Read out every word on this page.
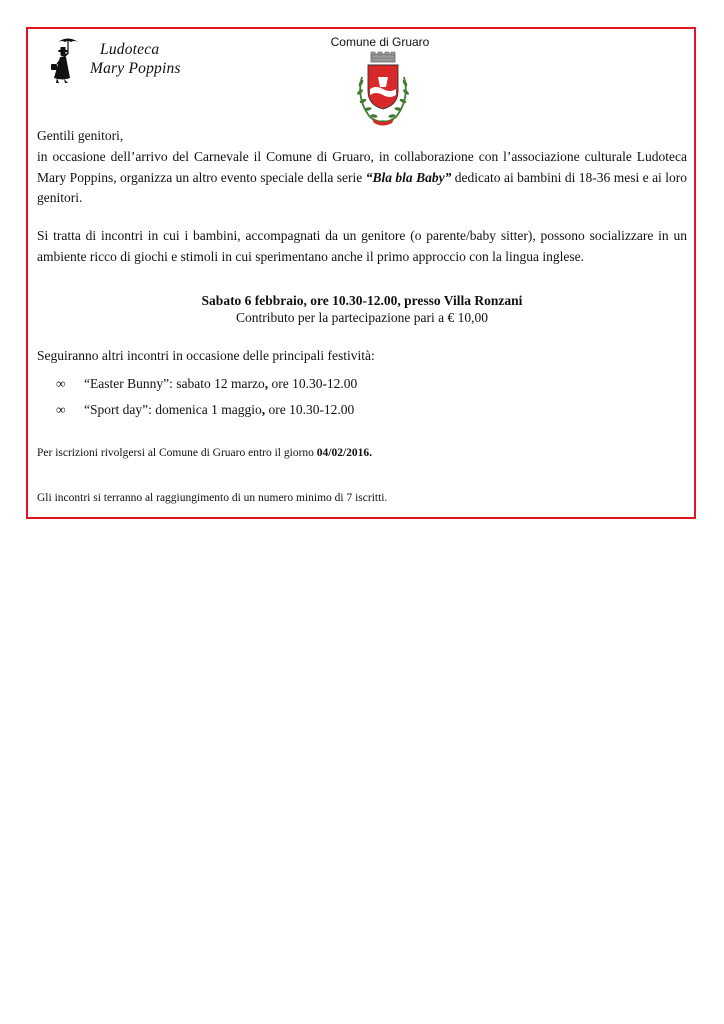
Ludoteca
Mary Poppins
Comune di Gruaro
Gentili genitori,
in occasione dell’arrivo del Carnevale il Comune di Gruaro, in collaborazione con l’associazione culturale Ludoteca Mary Poppins, organizza un altro evento speciale della serie “Bla bla Baby” dedicato ai bambini di 18-36 mesi e ai loro genitori.
Si tratta di incontri in cui i bambini, accompagnati da un genitore (o parente/baby sitter), possono socializzare in un ambiente ricco di giochi e stimoli in cui sperimentano anche il primo approccio con la lingua inglese.
Sabato 6 febbraio, ore 10.30-12.00, presso Villa Ronzani
Contributo per la partecipazione pari a € 10,00
Seguiranno altri incontri in occasione delle principali festività:
∞ “Easter Bunny”: sabato 12 marzo, ore 10.30-12.00
∞ “Sport day”: domenica 1 maggio, ore 10.30-12.00
Per iscrizioni rivolgersi al Comune di Gruaro entro il giorno 04/02/2016.
Gli incontri si terranno al raggiungimento di un numero minimo di 7 iscritti.
